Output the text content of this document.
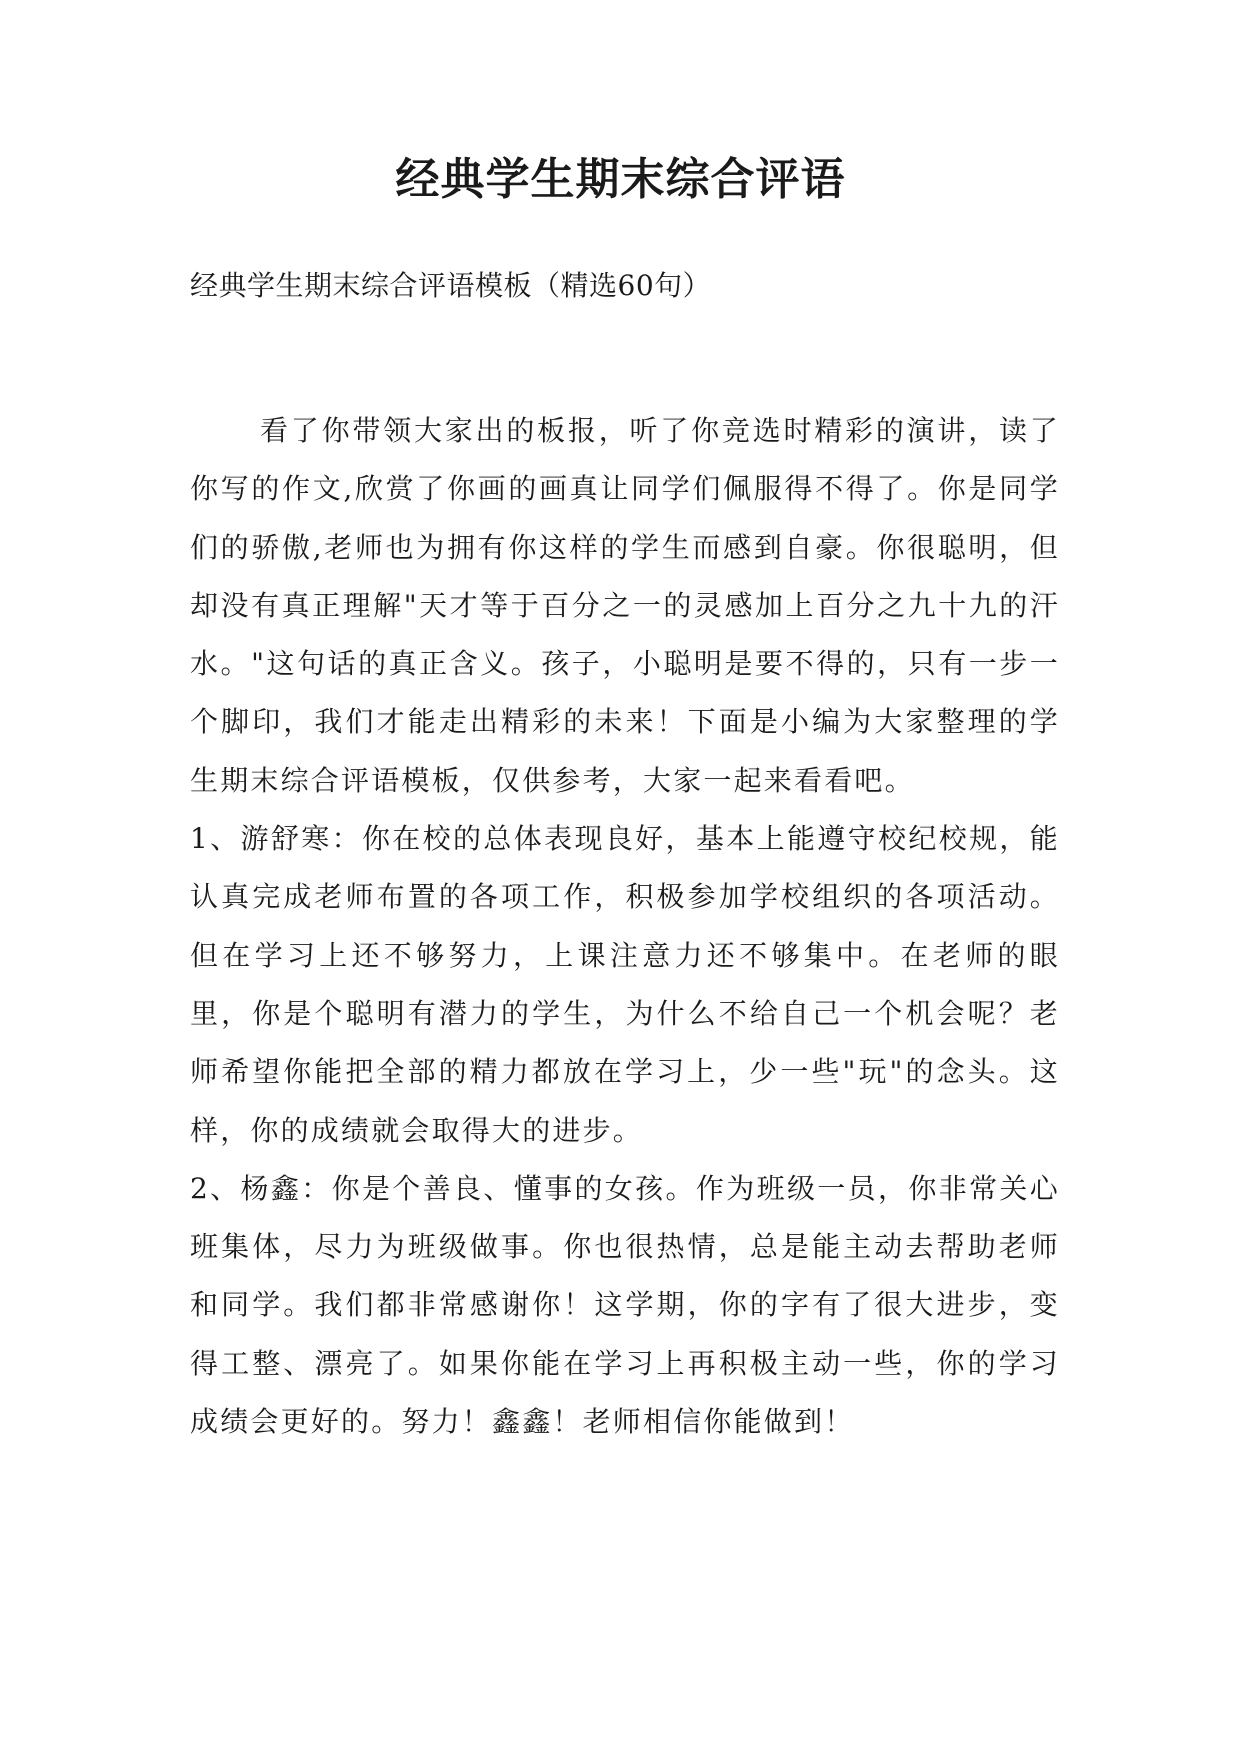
经典学生期末综合评语

经典学生期末综合评语模板（精选60句）

看了你带领大家出的板报，听了你竞选时精彩的演讲，读了你写的作文,欣赏了你画的画真让同学们佩服得不得了。你是同学们的骄傲,老师也为拥有你这样的学生而感到自豪。你很聪明，但却没有真正理解"天才等于百分之一的灵感加上百分之九十九的汗水。"这句话的真正含义。孩子，小聪明是要不得的，只有一步一个脚印，我们才能走出精彩的未来！下面是小编为大家整理的学生期末综合评语模板，仅供参考，大家一起来看看吧。

1、游舒寒：你在校的总体表现良好，基本上能遵守校纪校规，能认真完成老师布置的各项工作，积极参加学校组织的各项活动。但在学习上还不够努力，上课注意力还不够集中。在老师的眼里，你是个聪明有潜力的学生，为什么不给自己一个机会呢？老师希望你能把全部的精力都放在学习上，少一些"玩"的念头。这样，你的成绩就会取得大的进步。

2、杨鑫：你是个善良、懂事的女孩。作为班级一员，你非常关心班集体，尽力为班级做事。你也很热情，总是能主动去帮助老师和同学。我们都非常感谢你！这学期，你的字有了很大进步，变得工整、漂亮了。如果你能在学习上再积极主动一些，你的学习成绩会更好的。努力！鑫鑫！老师相信你能做到！
